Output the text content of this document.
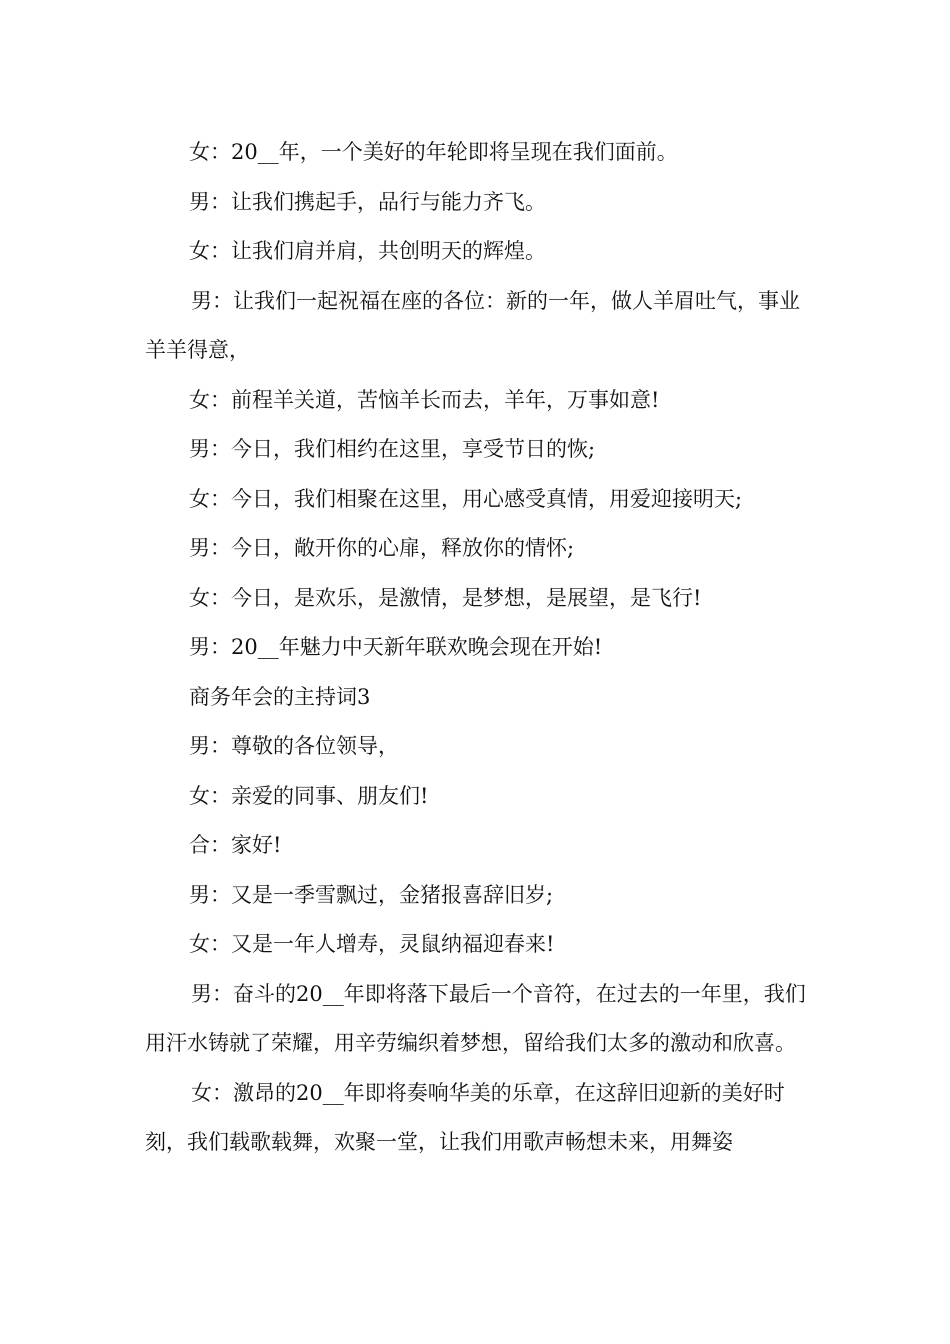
女：20__年，一个美好的年轮即将呈现在我们面前。

男：让我们携起手，品行与能力齐飞。

女：让我们肩并肩，共创明天的辉煌。

男：让我们一起祝福在座的各位：新的一年，做人羊眉吐气，事业羊羊得意，

女：前程羊关道，苦恼羊长而去，羊年，万事如意!

男：今日，我们相约在这里，享受节日的恢;

女：今日，我们相聚在这里，用心感受真情，用爱迎接明天;

男：今日，敞开你的心扉，释放你的情怀;

女：今日，是欢乐，是激情，是梦想，是展望，是飞行!

男：20__年魅力中天新年联欢晚会现在开始!

商务年会的主持词3

男：尊敬的各位领导，

女：亲爱的同事、朋友们!

合：家好!

男：又是一季雪飘过，金猪报喜辞旧岁;

女：又是一年人增寿，灵鼠纳福迎春来!

男：奋斗的20__年即将落下最后一个音符，在过去的一年里，我们用汗水铸就了荣耀，用辛劳编织着梦想，留给我们太多的激动和欣喜。

女：激昂的20__年即将奏响华美的乐章，在这辞旧迎新的美好时刻，我们载歌载舞，欢聚一堂，让我们用歌声畅想未来，用舞姿
